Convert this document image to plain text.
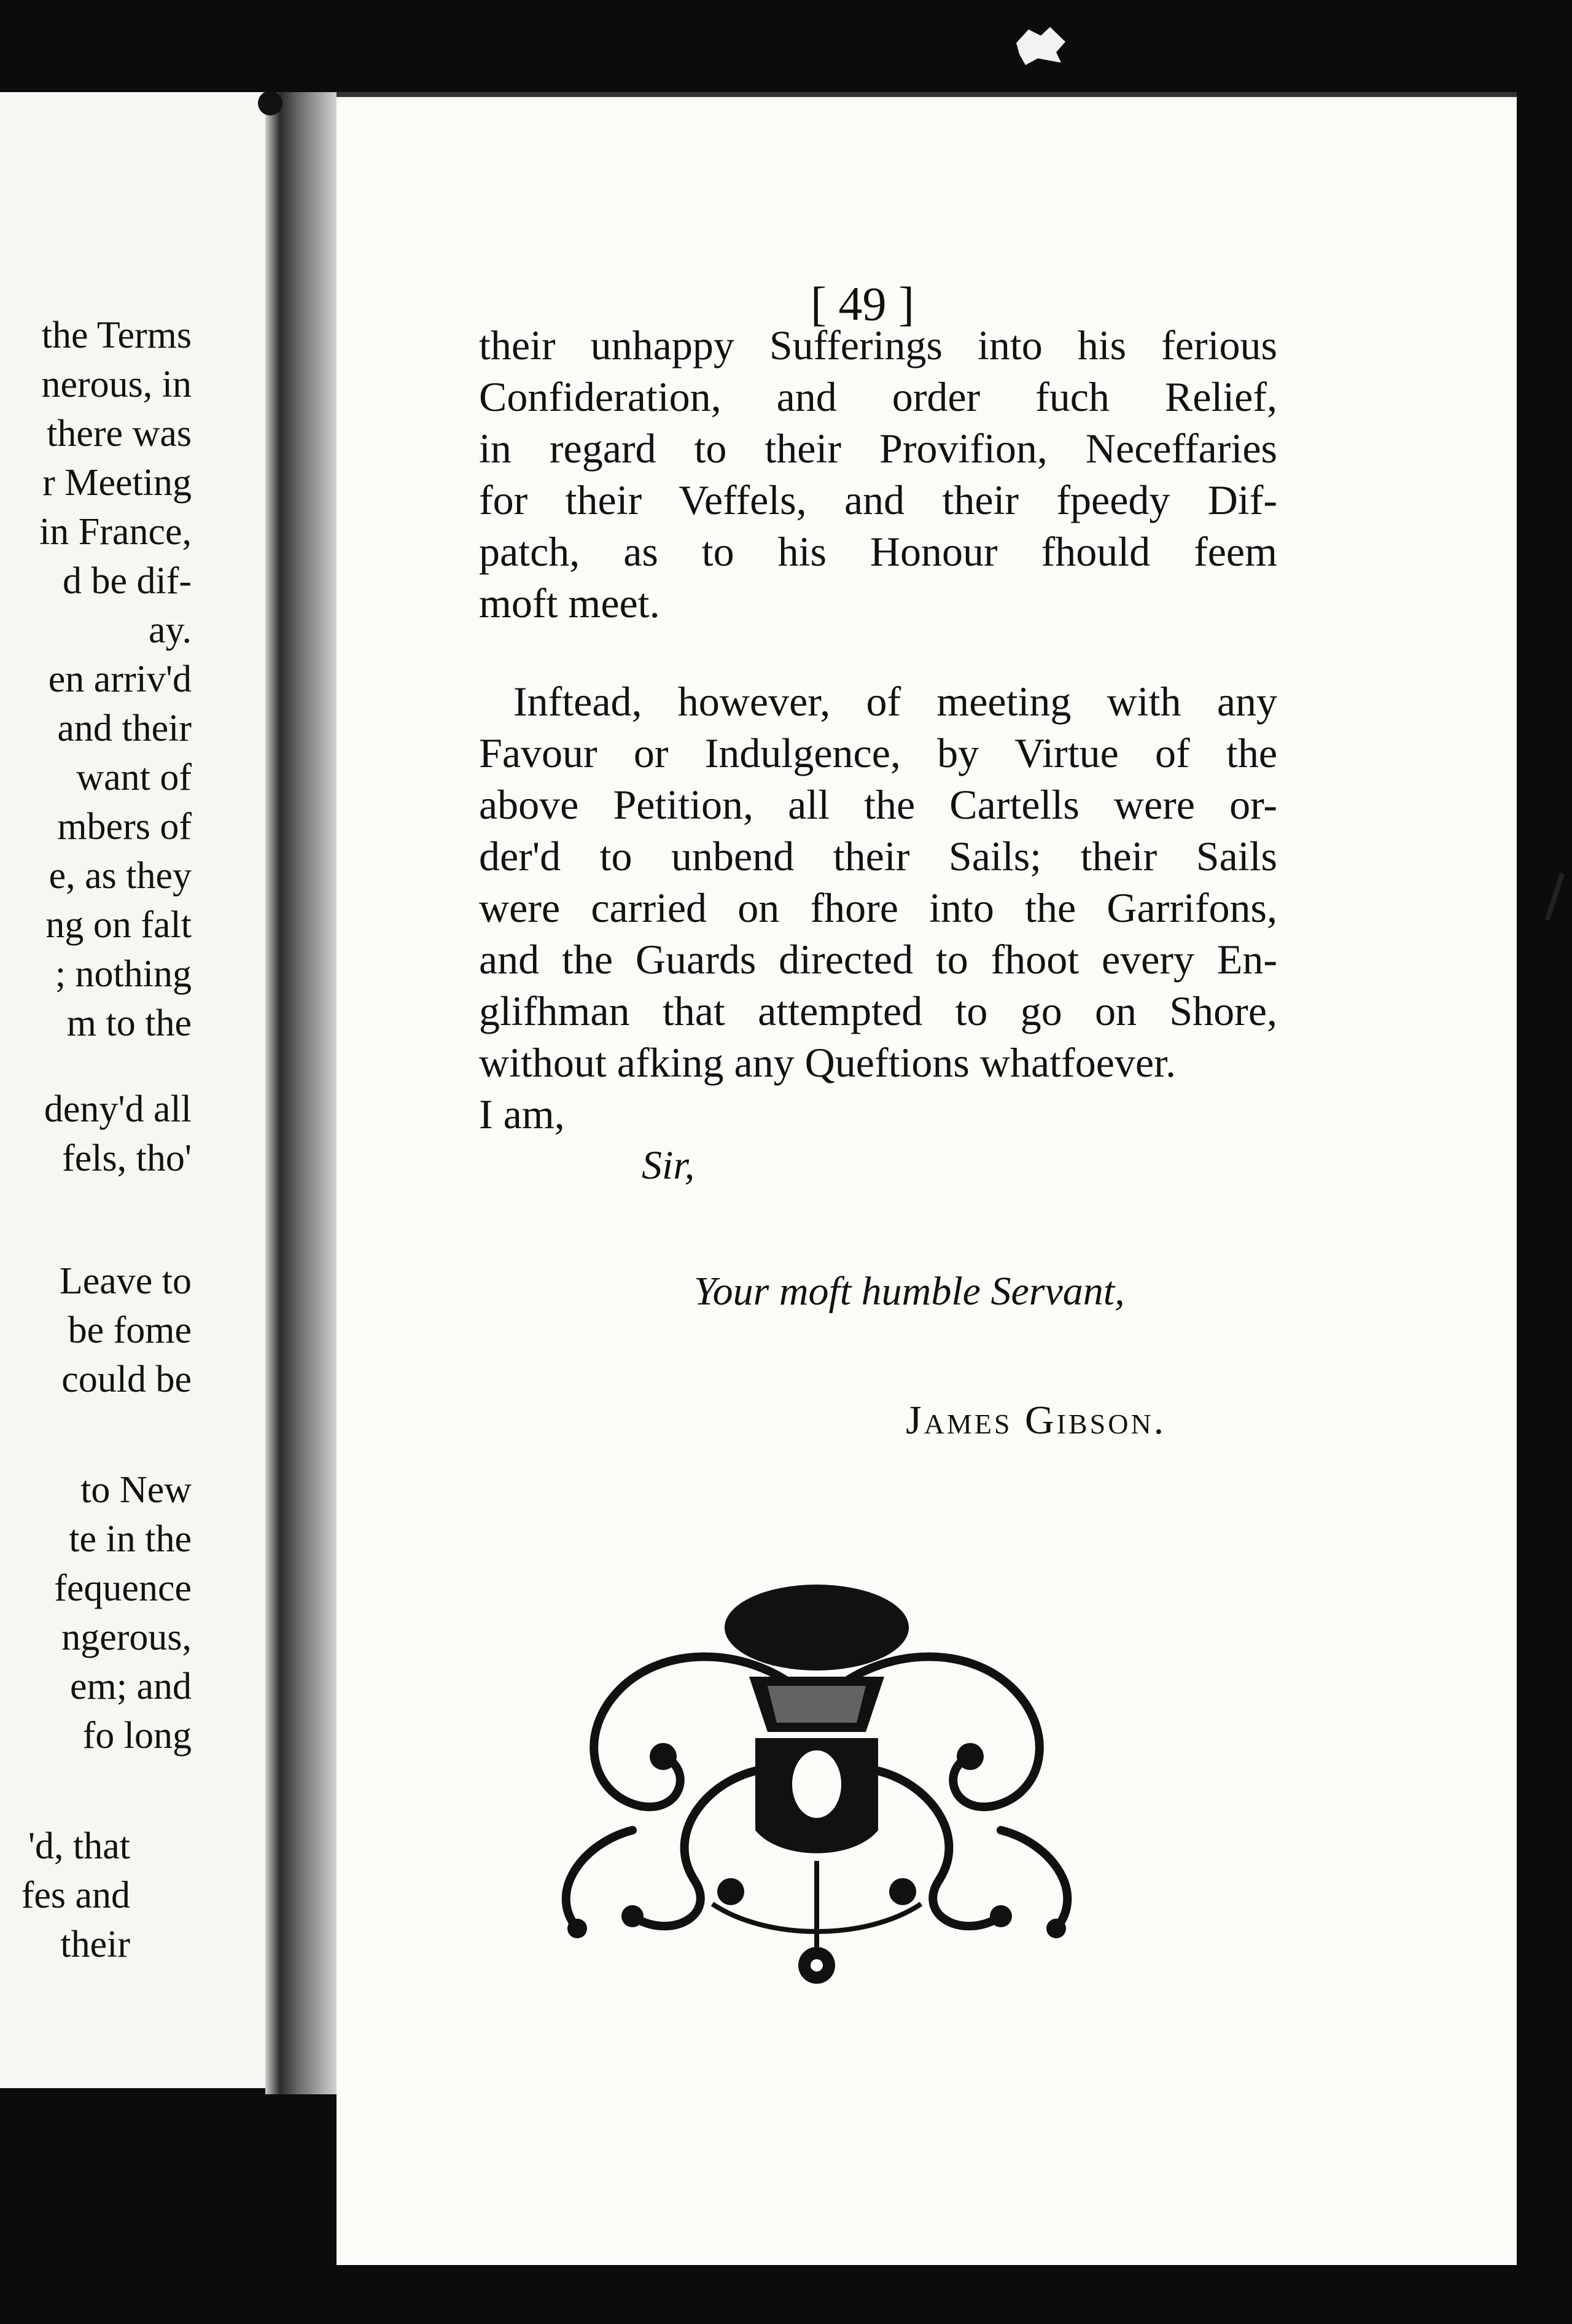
the Terms
nerous, in
there was
r Meeting
in France,
d be dif-
ay.
en arriv'd
and their
want of
mbers of
e, as they
ng on falt
; nothing
m to the
deny'd all
fels, tho'
Leave to
be fome
could be
to New
te in the
fequence
ngerous,
em; and
fo long
'd, that
fes and
their
[ 49 ]
their unhappy Sufferings into his ferious
Confideration, and order fuch Relief,
in regard to their Provifion, Neceffaries
for their Veffels, and their fpeedy Dif-
patch, as to his Honour fhould feem
moft meet.
Inftead, however, of meeting with any
Favour or Indulgence, by Virtue of the
above Petition, all the Cartells were or-
der'd to unbend their Sails; their Sails
were carried on fhore into the Garrifons,
and the Guards directed to fhoot every En-
glifhman that attempted to go on Shore,
without afking any Queftions whatfoever.
I am,
Sir,
Your moft humble Servant,
James Gibson.
